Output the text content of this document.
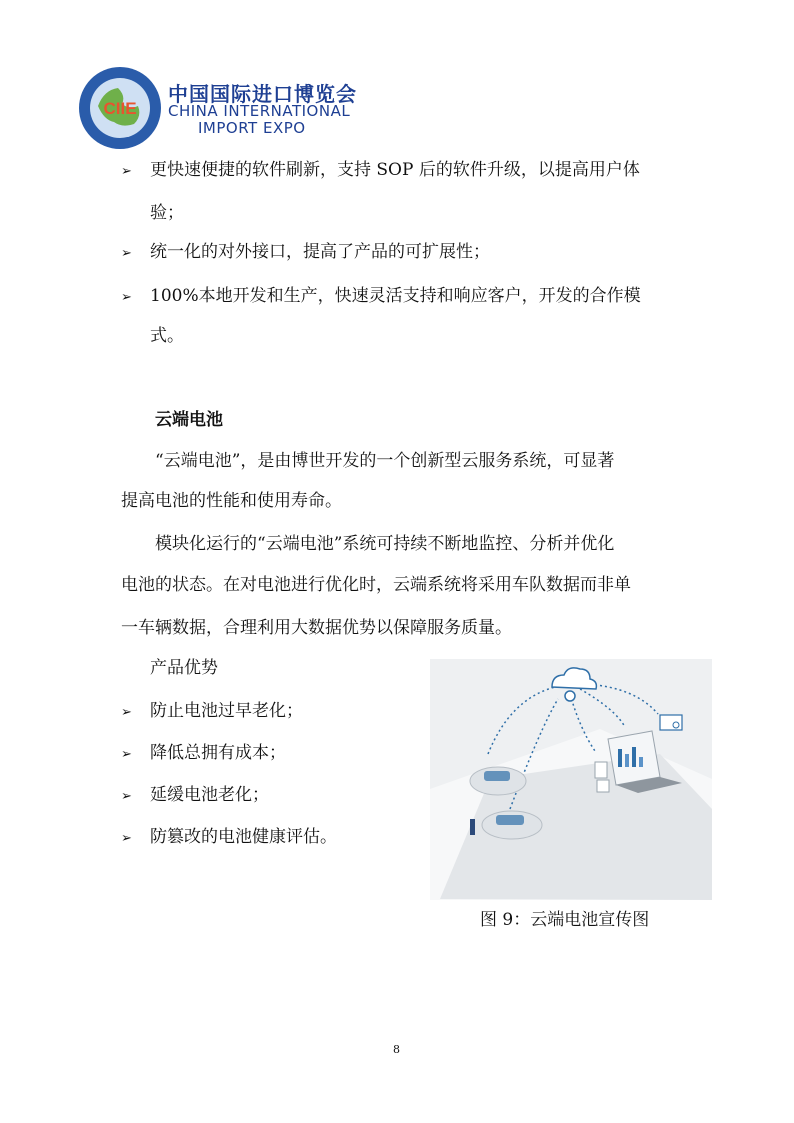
CIIE
中国国际进口博览会
CHINA INTERNATIONAL
IMPORT EXPO
➢ 更快速便捷的软件刷新，支持 SOP 后的软件升级，以提高用户体
验；
➢ 统一化的对外接口，提高了产品的可扩展性；
➢ 100%本地开发和生产，快速灵活支持和响应客户，开发的合作模
式。
云端电池
“云端电池”，是由博世开发的一个创新型云服务系统，可显著
提高电池的性能和使用寿命。
模块化运行的“云端电池”系统可持续不断地监控、分析并优化
电池的状态。在对电池进行优化时，云端系统将采用车队数据而非单
一车辆数据，合理利用大数据优势以保障服务质量。
产品优势
➢ 防止电池过早老化；
➢ 降低总拥有成本；
➢ 延缓电池老化；
➢ 防篡改的电池健康评估。
图 9：云端电池宣传图
8
